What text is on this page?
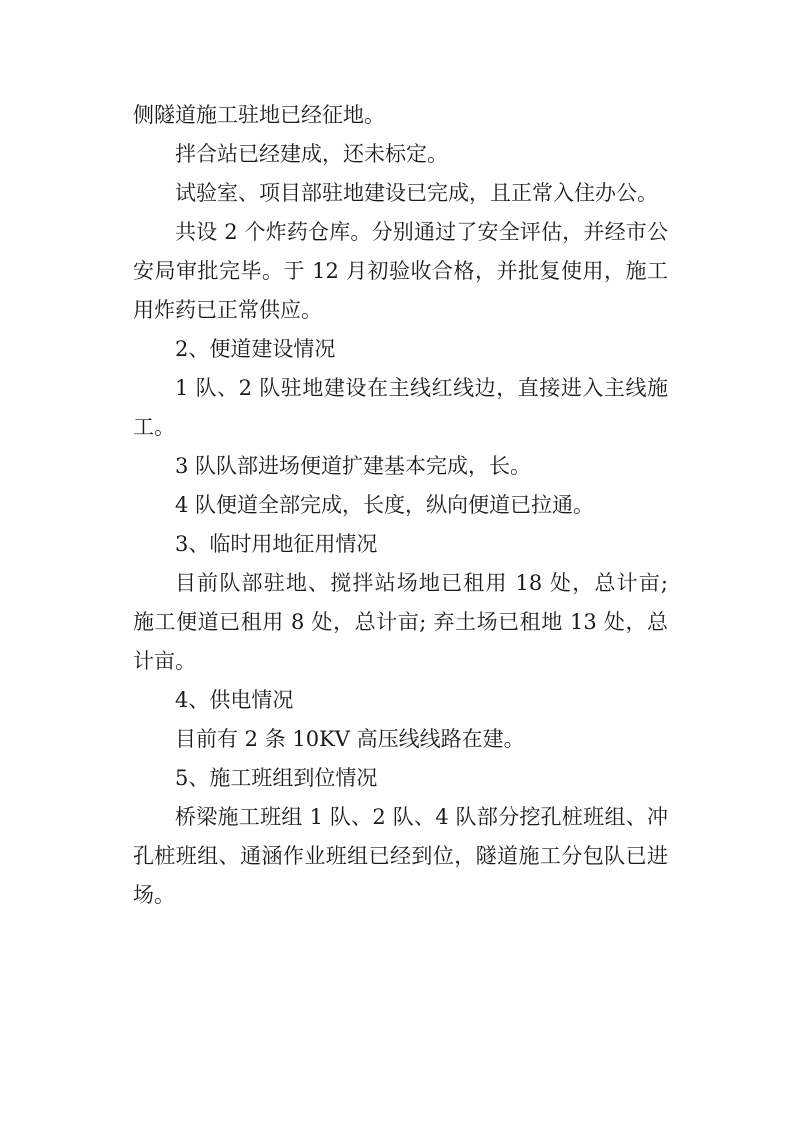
侧隧道施工驻地已经征地。

拌合站已经建成，还未标定。

试验室、项目部驻地建设已完成，且正常入住办公。

共设 2 个炸药仓库。分别通过了安全评估，并经市公安局审批完毕。于 12 月初验收合格，并批复使用，施工用炸药已正常供应。

2、便道建设情况

1 队、2 队驻地建设在主线红线边，直接进入主线施工。

3 队队部进场便道扩建基本完成，长。

4 队便道全部完成，长度，纵向便道已拉通。

3、临时用地征用情况

目前队部驻地、搅拌站场地已租用 18 处，总计亩; 施工便道已租用 8 处，总计亩; 弃土场已租地 13 处，总计亩。

4、供电情况

目前有 2 条 10KV 高压线线路在建。

5、施工班组到位情况

桥梁施工班组 1 队、2 队、4 队部分挖孔桩班组、冲孔桩班组、通涵作业班组已经到位，隧道施工分包队已进场。
